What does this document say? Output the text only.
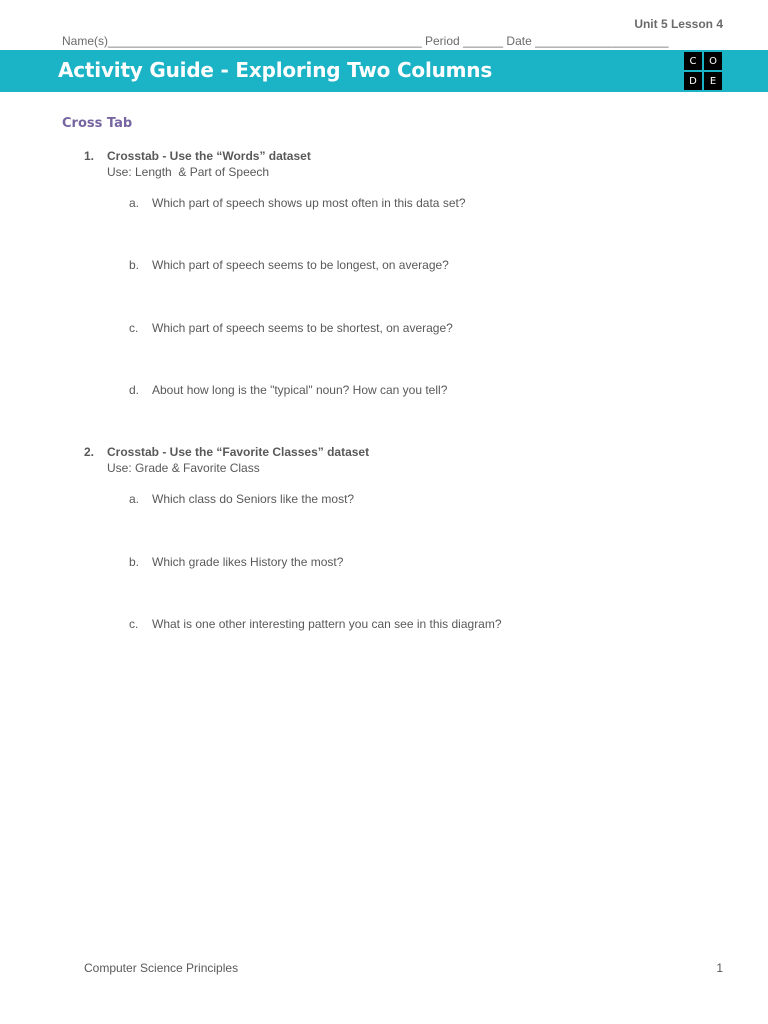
Unit 5 Lesson 4
Name(s)_______________________________________________ Period ______ Date ____________________
Activity Guide - Exploring Two Columns	C	O
D	E
Cross Tab
1. Crosstab - Use the “Words” dataset
Use: Length  & Part of Speech
a. Which part of speech shows up most often in this data set?
b. Which part of speech seems to be longest, on average?
c. Which part of speech seems to be shortest, on average?
d. About how long is the "typical" noun? How can you tell?
2. Crosstab - Use the “Favorite Classes” dataset
Use: Grade & Favorite Class
a. Which class do Seniors like the most?
b. Which grade likes History the most?
c. What is one other interesting pattern you can see in this diagram?
Computer Science Principles	1
